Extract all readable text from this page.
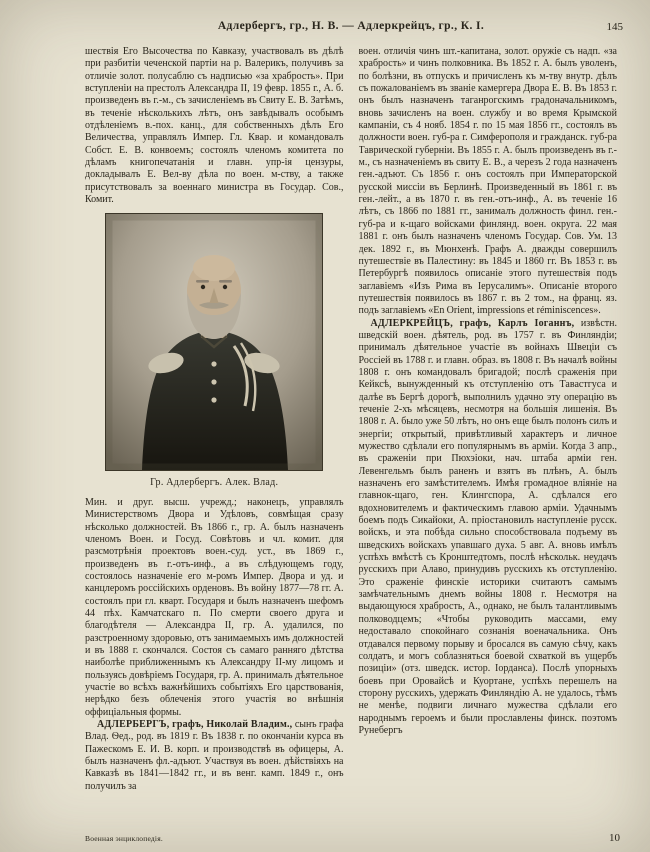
Адлербергъ, гр., Н. В. — Адлеркрейцъ, гр., К. I.	145

шествія Его Высочества по Кавказу, участвовалъ въ дѣлѣ при разбитіи чеченской партіи на р. Валерикъ, получивъ за отличіе золот. полусаблю съ надписью «за храбрость». При вступленіи на престолъ Александра II, 19 февр. 1855 г., А. б. произведенъ въ г.-м., съ зачисленіемъ въ Свиту Е. В. Затѣмъ, въ теченіе нѣсколькихъ лѣтъ, онъ завѣдывалъ особымъ отдѣленіемъ в.-пох. канц., для собственныхъ дѣлъ Его Величества, управлялъ Импер. Гл. Квар. и командовалъ Собст. Е. В. конвоемъ; состоялъ членомъ комитета по дѣламъ книгопечатанія и главн. упр-ія цензуры, докладывалъ Е. Вел-ву дѣла по воен. м-ству, а также присутствовалъ за военнаго министра въ Государ. Сов., Комит.

Гр. Адлербергъ. Алек. Влад.

Мин. и друг. высш. учрежд.; наконецъ, управлялъ Министерствомъ Двора и Удѣловъ, совмѣщая сразу нѣсколько должностей. Въ 1866 г., гр. А. былъ назначенъ членомъ Воен. и Госуд. Совѣтовъ и чл. комит. для разсмотрѣнія проектовъ воен.-суд. уст., въ 1869 г., произведенъ въ г.-отъ-инф., а въ слѣдующемъ году, состоялось назначеніе его м-ромъ Импер. Двора и уд. и канцлеромъ россійскихъ орденовъ. Въ войну 1877—78 гг. А. состоялъ при гл. кварт. Государя и былъ назначенъ шефомъ 44 пѣх. Камчатскаго п. По смерти своего друга и благодѣтеля — Александра II, гр. А. удалился, по разстроенному здоровью, отъ занимаемыхъ имъ должностей и въ 1888 г. скончался. Состоя съ самаго ранняго дѣтства наиболѣе приближеннымъ къ Александру II-му лицомъ и пользуясь довѣріемъ Государя, гр. А. принималъ дѣятельное участіе во всѣхъ важнѣйшихъ событіяхъ Его царствованія, нерѣдко безъ облеченія этого участія во внѣшнія оффиціальныя формы.

АДЛЕРБЕРГЪ, графъ, Николай Владим., сынъ графа Влад. Ѳед., род. въ 1819 г. Въ 1838 г. по окончаніи курса въ Пажескомъ Е. И. В. корп. и производствѣ въ офицеры, А. былъ назначенъ фл.-адъют. Участвуя въ воен. дѣйствіяхъ на Кавказѣ въ 1841—1842 гг., и въ венг. камп. 1849 г., онъ получилъ за

воен. отличія чинъ шт.-капитана, золот. оружіе съ надп. «за храбрость» и чинъ полковника. Въ 1852 г. А. былъ уволенъ, по болѣзни, въ отпускъ и причисленъ къ м-тву внутр. дѣлъ съ пожалованіемъ въ званіе камергера Двора Е. В. Въ 1853 г. онъ былъ назначенъ таганрогскимъ градоначальникомъ, вновь зачисленъ на воен. службу и во время Крымской кампаніи, съ 4 нояб. 1854 г. по 15 мая 1856 гг., состоялъ въ должности воен. губ-ра г. Симферополя и гражданск. губ-ра Таврической губерніи. Въ 1855 г. А. былъ произведенъ въ г.-м., съ назначеніемъ въ свиту Е. В., а черезъ 2 года назначенъ ген.-адъют. Съ 1856 г. онъ состоялъ при Императорской русской миссіи въ Берлинѣ. Произведенный въ 1861 г. въ ген.-лейт., а въ 1870 г. въ ген.-отъ-инф., А. въ теченіе 16 лѣтъ, съ 1866 по 1881 гг., занималъ должность финл. ген.-губ-ра и к-щаго войсками финлянд. воен. округа. 22 мая 1881 г. онъ былъ назначенъ членомъ Государ. Сов. Ум. 13 дек. 1892 г., въ Мюнхенѣ. Графъ А. дважды совершилъ путешествіе въ Палестину: въ 1845 и 1860 гг. Въ 1853 г. въ Петербургѣ появилось описаніе этого путешествія подъ заглавіемъ «Изъ Рима въ Іерусалимъ». Описаніе второго путешествія появилось въ 1867 г. въ 2 том., на франц. яз. подъ заглавіемъ «En Orient, impressions et réminiscences».

АДЛЕРКРЕЙЦЪ, графъ, Карлъ Іоганнъ, извѣстн. шведскій воен. дѣятель, род. въ 1757 г. въ Финляндіи; принималъ дѣятельное участіе въ войнахъ Швеціи съ Россіей въ 1788 г. и главн. образ. въ 1808 г. Въ началѣ войны 1808 г. онъ командовалъ бригадой; послѣ сраженія при Кейксѣ, вынужденный къ отступленію отъ Тавастгуса и далѣе въ Бергѣ дорогѣ, выполнилъ удачно эту операцію въ теченіе 2-хъ мѣсяцевъ, несмотря на большія лишенія. Въ 1808 г. А. было уже 50 лѣтъ, но онъ еще былъ полонъ силъ и энергіи; открытый, привѣтливый характеръ и личное мужество сдѣлали его популярнымъ въ арміи. Когда 3 апр., въ сраженіи при Пюхэіоки, нач. штаба арміи ген. Левенгельмъ былъ раненъ и взятъ въ плѣнъ, А. былъ назначенъ его замѣстителемъ. Имѣя громадное вліяніе на главнок-щаго, ген. Клингспора, А. сдѣлался его вдохновителемъ и фактическимъ главою арміи. Удачнымъ боемъ подъ Сикайоки, А. пріостановилъ наступленіе русск. войскъ, и эта побѣда сильно способствовала подъему въ шведскихъ войскахъ упавшаго духа. 5 авг. А. вновь имѣлъ успѣхъ вмѣстѣ съ Кронштедтомъ, послѣ нѣскольк. неудачъ русскихъ при Алаво, принудивъ русскихъ къ отступленію. Это сраженіе финскіе историки считаютъ самымъ замѣчательнымъ днемъ войны 1808 г. Несмотря на выдающуюся храбрость, А., однако, не былъ талантливымъ полководцемъ; «Чтобы руководить массами, ему недоставало спокойнаго сознанія военачальника. Онъ отдавался первому порыву и бросался въ самую сѣчу, какъ солдатъ, и могъ соблазняться боевой схваткой въ ущербъ позиціи» (отз. шведск. истор. Іорданса). Послѣ упорныхъ боевъ при Оровайсѣ и Куортане, успѣхъ перешелъ на сторону русскихъ, удержать Финляндію А. не удалось, тѣмъ не менѣе, подвиги личнаго мужества сдѣлали его народнымъ героемъ и были прославлены финск. поэтомъ Рунебергъ

Военная энциклопедія.	10
